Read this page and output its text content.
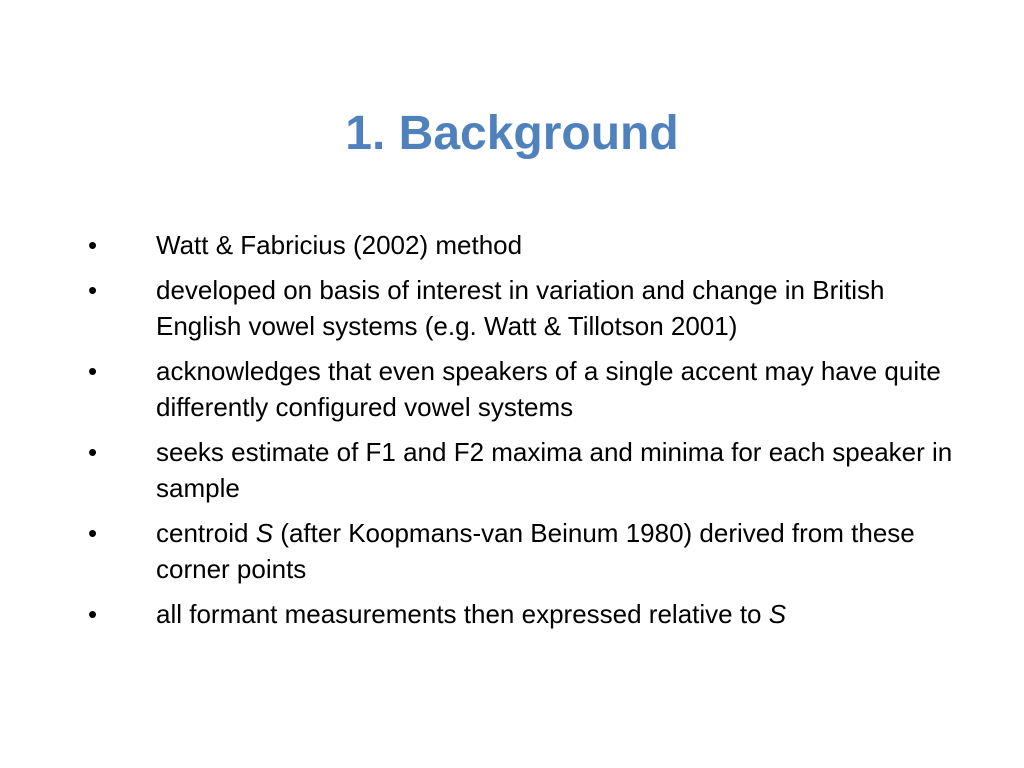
1. Background
•	Watt & Fabricius (2002) method
•	developed on basis of interest in variation and change in British English vowel systems (e.g. Watt & Tillotson 2001)
•	acknowledges that even speakers of a single accent may have quite differently configured vowel systems
•	seeks estimate of F1 and F2 maxima and minima for each speaker in sample
•	centroid S (after Koopmans-van Beinum 1980) derived from these corner points
•	all formant measurements then expressed relative to S
